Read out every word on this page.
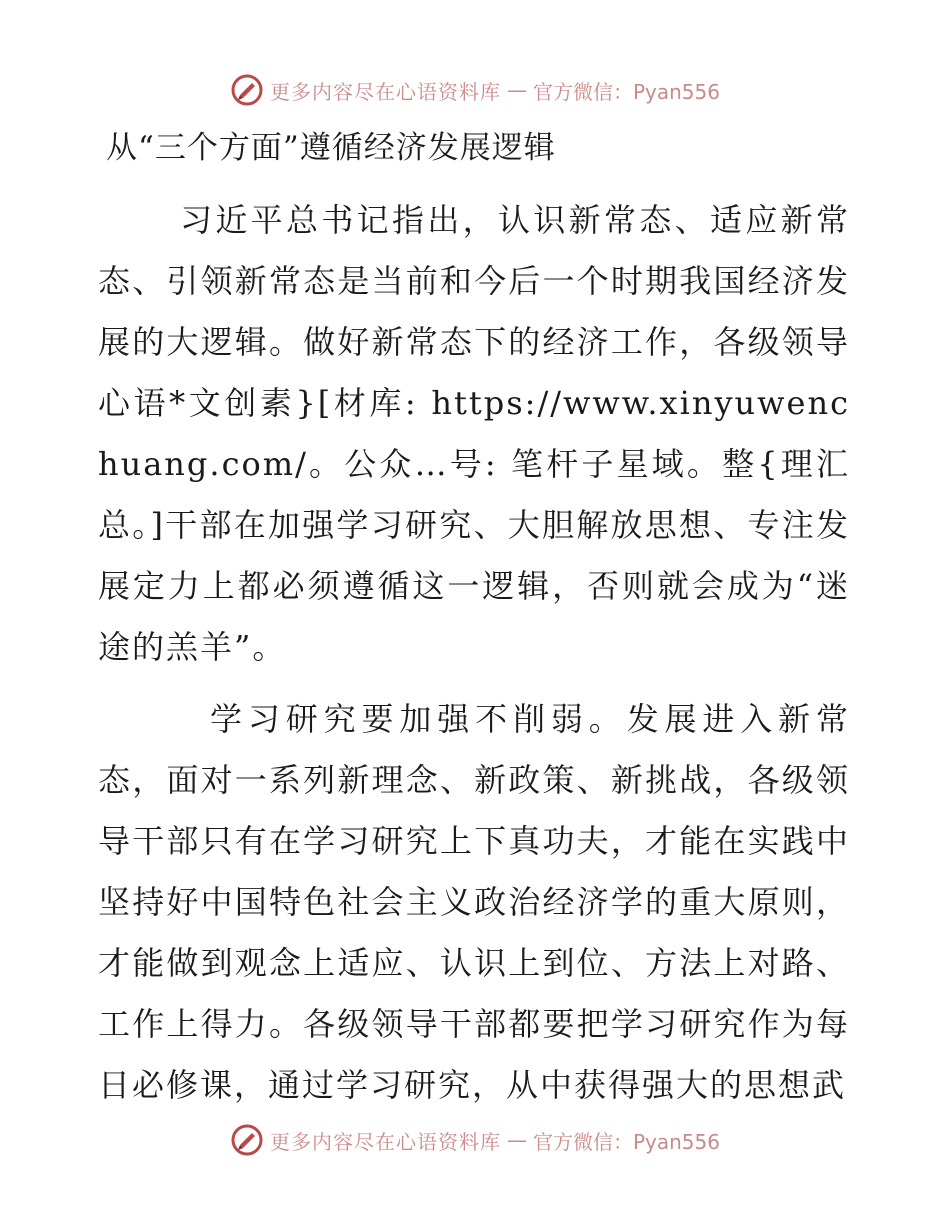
更多内容尽在心语资料库 — 官方微信：Pyan556
从“三个方面”遵循经济发展逻辑

习近平总书记指出，认识新常态、适应新常态、引领新常态是当前和今后一个时期我国经济发展的大逻辑。做好新常态下的经济工作，各级领导心语*文创素}[材库: https://www.xinyuwenchuang.com/。公众…号: 笔杆子星域。整{理汇总。]干部在加强学习研究、大胆解放思想、专注发展定力上都必须遵循这一逻辑，否则就会成为“迷途的羔羊”。

学习研究要加强不削弱。发展进入新常态，面对一系列新理念、新政策、新挑战，各级领导干部只有在学习研究上下真功夫，才能在实践中坚持好中国特色社会主义政治经济学的重大原则，才能做到观念上适应、认识上到位、方法上对路、工作上得力。各级领导干部都要把学习研究作为每日必修课，通过学习研究，从中获得强大的思想武

更多内容尽在心语资料库 — 官方微信：Pyan556
